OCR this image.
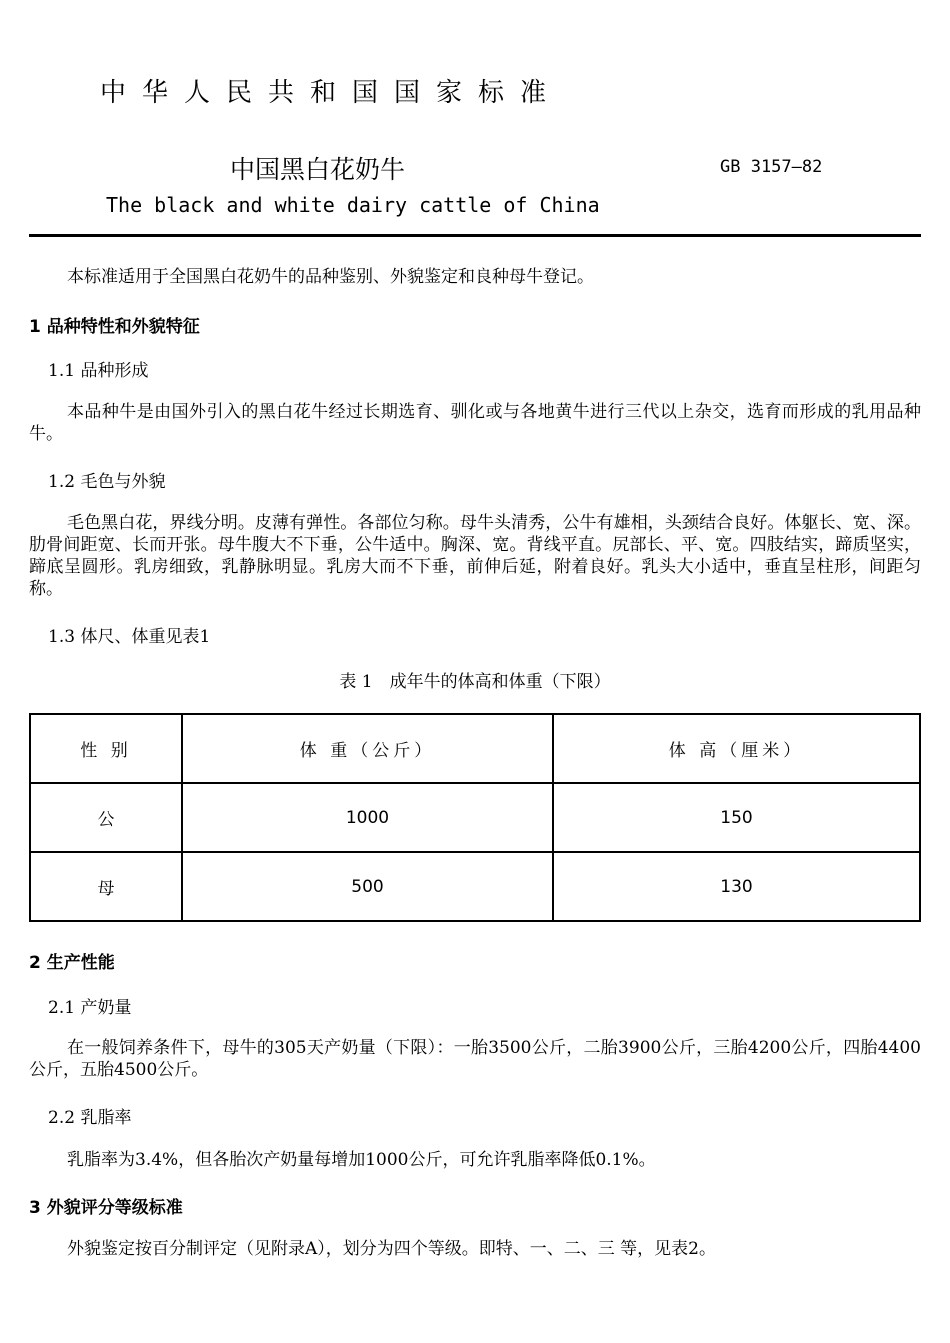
中华人民共和国国家标准
中国黑白花奶牛	GB 3157—82
The black and white dairy cattle of China
本标准适用于全国黑白花奶牛的品种鉴别、外貌鉴定和良种母牛登记。
1 品种特性和外貌特征
1.1 品种形成
本品种牛是由国外引入的黑白花牛经过长期选育、驯化或与各地黄牛进行三代以上杂交，选育而形成的乳用品种牛。
1.2 毛色与外貌
毛色黑白花，界线分明。皮薄有弹性。各部位匀称。母牛头清秀，公牛有雄相，头颈结合良好。体躯长、宽、深。肋骨间距宽、长而开张。母牛腹大不下垂，公牛适中。胸深、宽。背线平直。尻部长、平、宽。四肢结实，蹄质坚实，蹄底呈圆形。乳房细致，乳静脉明显。乳房大而不下垂，前伸后延，附着良好。乳头大小适中，垂直呈柱形，间距匀称。
1.3 体尺、体重见表1
表 1　成年牛的体高和体重（下限）
性 别	体 重（公斤）	体 高（厘米）
公	1000	150
母	500	130
2 生产性能
2.1 产奶量
在一般饲养条件下，母牛的305天产奶量（下限）：一胎3500公斤，二胎3900公斤，三胎4200公斤，四胎4400公斤，五胎4500公斤。
2.2 乳脂率
乳脂率为3.4%，但各胎次产奶量每增加1000公斤，可允许乳脂率降低0.1%。
3 外貌评分等级标准
外貌鉴定按百分制评定（见附录A），划分为四个等级。即特、一、二、三 等，见表2。
